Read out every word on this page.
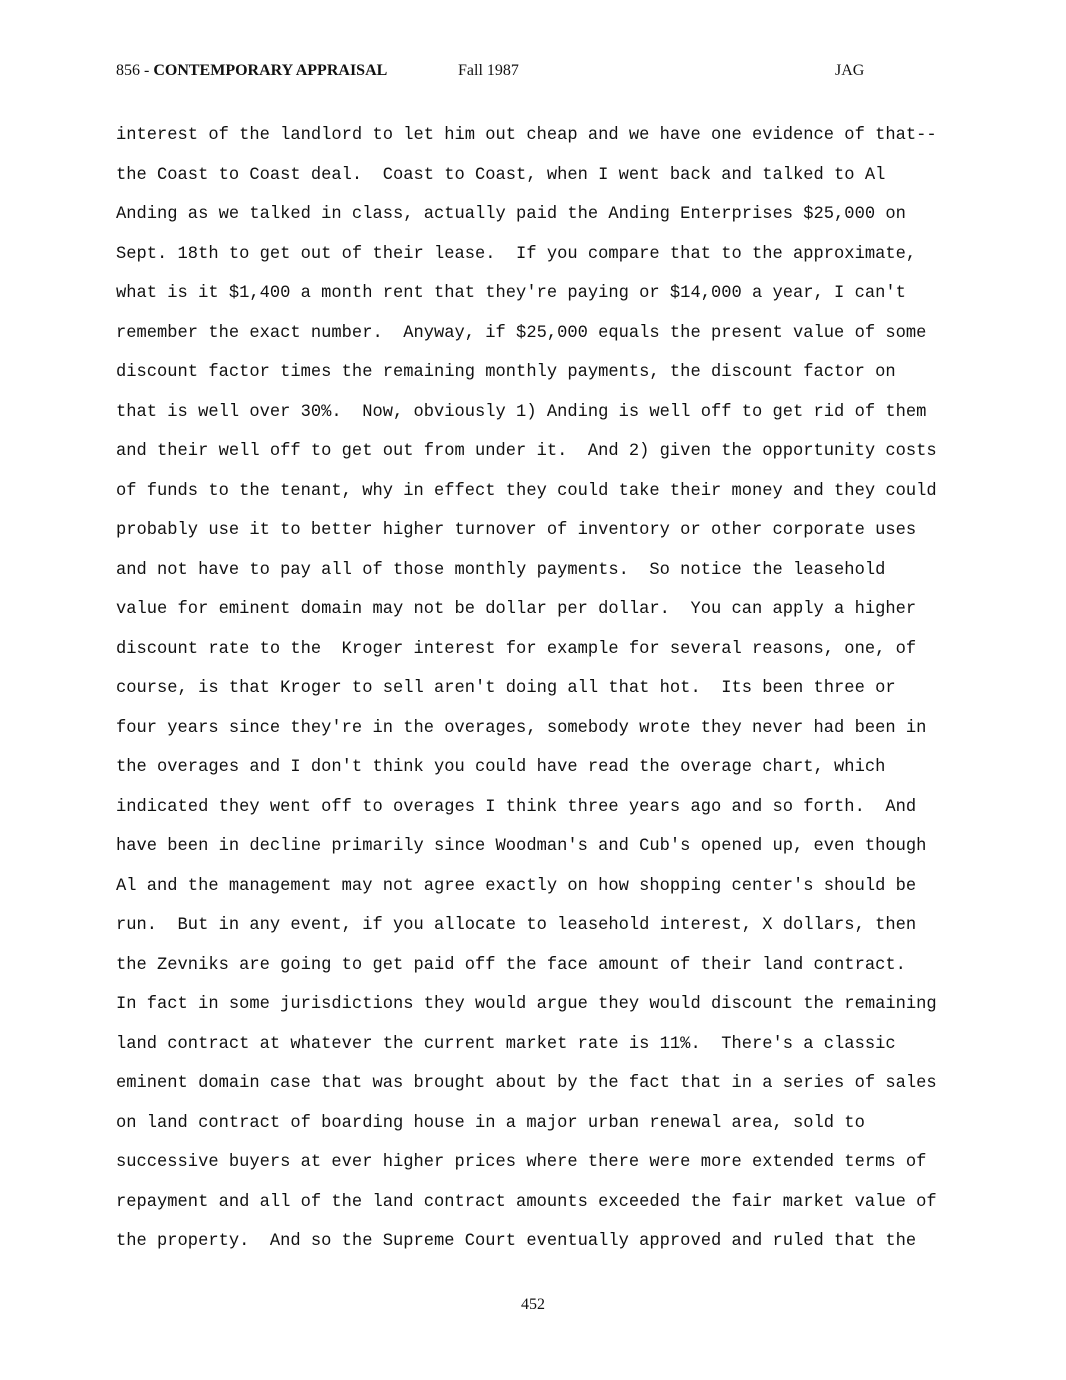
856 - CONTEMPORARY APPRAISAL	Fall 1987	JAG
interest of the landlord to let him out cheap and we have one evidence of that--
the Coast to Coast deal.  Coast to Coast, when I went back and talked to Al
Anding as we talked in class, actually paid the Anding Enterprises $25,000 on
Sept. 18th to get out of their lease.  If you compare that to the approximate,
what is it $1,400 a month rent that they're paying or $14,000 a year, I can't
remember the exact number.  Anyway, if $25,000 equals the present value of some
discount factor times the remaining monthly payments, the discount factor on
that is well over 30%.  Now, obviously 1) Anding is well off to get rid of them
and their well off to get out from under it.  And 2) given the opportunity costs
of funds to the tenant, why in effect they could take their money and they could
probably use it to better higher turnover of inventory or other corporate uses
and not have to pay all of those monthly payments.  So notice the leasehold
value for eminent domain may not be dollar per dollar.  You can apply a higher
discount rate to the  Kroger interest for example for several reasons, one, of
course, is that Kroger to sell aren't doing all that hot.  Its been three or
four years since they're in the overages, somebody wrote they never had been in
the overages and I don't think you could have read the overage chart, which
indicated they went off to overages I think three years ago and so forth.  And
have been in decline primarily since Woodman's and Cub's opened up, even though
Al and the management may not agree exactly on how shopping center's should be
run.  But in any event, if you allocate to leasehold interest, X dollars, then
the Zevniks are going to get paid off the face amount of their land contract.
In fact in some jurisdictions they would argue they would discount the remaining
land contract at whatever the current market rate is 11%.  There's a classic
eminent domain case that was brought about by the fact that in a series of sales
on land contract of boarding house in a major urban renewal area, sold to
successive buyers at ever higher prices where there were more extended terms of
repayment and all of the land contract amounts exceeded the fair market value of
the property.  And so the Supreme Court eventually approved and ruled that the
452
